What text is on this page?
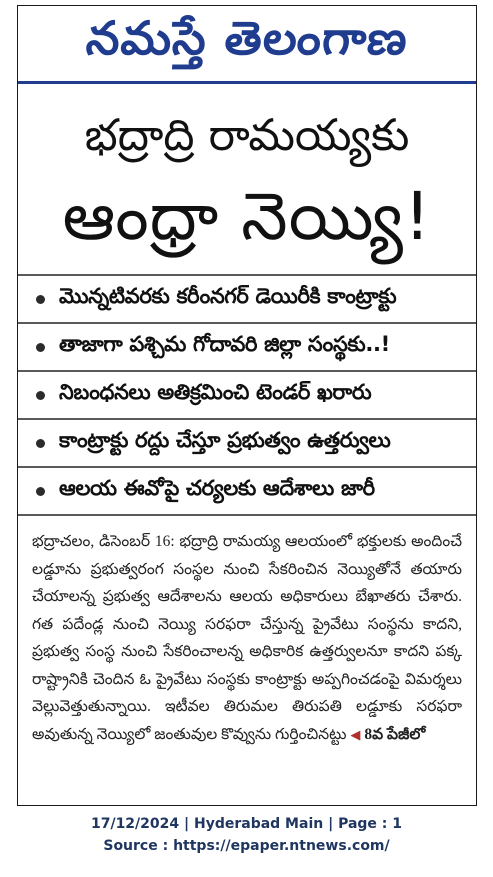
నమస్తే తెలంగాణ
భద్రాద్రి రామయ్యకు
ఆంధ్రా నెయ్యి!
మొన్నటివరకు కరీంనగర్ డెయిరీకి కాంట్రాక్టు
తాజాగా పశ్చిమ గోదావరి జిల్లా సంస్థకు..!
నిబంధనలు అతిక్రమించి టెండర్ ఖరారు
కాంట్రాక్టు రద్దు చేస్తూ ప్రభుత్వం ఉత్తర్వులు
ఆలయ ఈవోపై చర్యలకు ఆదేశాలు జారీ

భద్రాచలం, డిసెంబర్ 16: భద్రాద్రి రామయ్య ఆలయంలో భక్తులకు అందించే లడ్డూను ప్రభుత్వరంగ సంస్థల నుంచి సేకరించిన నెయ్యితోనే తయారు చేయాలన్న ప్రభుత్వ ఆదేశాలను ఆలయ అధికారులు బేఖాతరు చేశారు. గత పదేండ్ల నుంచి నెయ్యి సరఫరా చేస్తున్న ప్రైవేటు సంస్థను కాదని, ప్రభుత్వ సంస్థ నుంచి సేకరించాలన్న అధికారిక ఉత్తర్వులనూ కాదని పక్క రాష్ట్రానికి చెందిన ఓ ప్రైవేటు సంస్థకు కాంట్రాక్టు అప్పగించడంపై విమర్శలు వెల్లువెత్తుతున్నాయి. ఇటీవల తిరుమల తిరుపతి లడ్డూకు సరఫరా అవుతున్న నెయ్యిలో జంతువుల కొవ్వును గుర్తించినట్టు ◀ 8వ పేజీలో

17/12/2024 | Hyderabad Main | Page : 1
Source : https://epaper.ntnews.com/
